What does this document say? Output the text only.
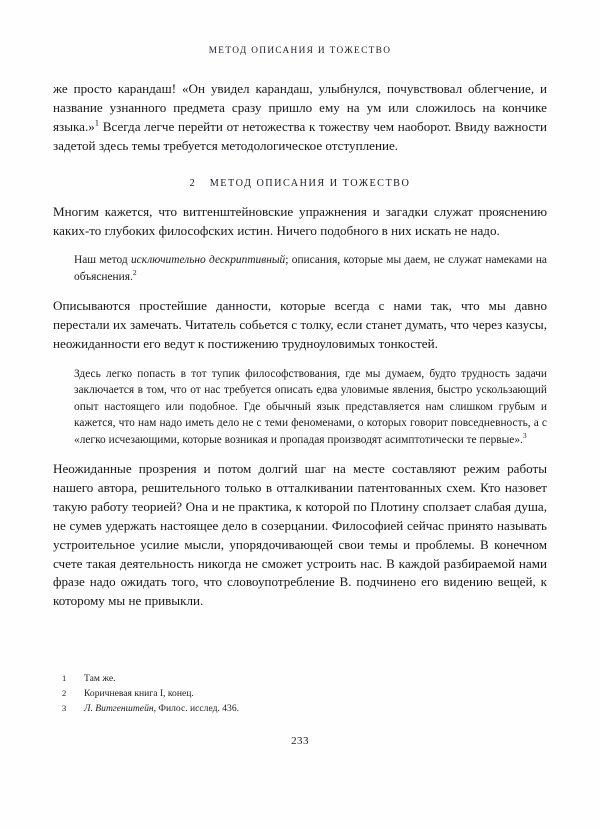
МЕТОД ОПИСАНИЯ И ТОЖЕСТВО

же просто карандаш! «Он увидел карандаш, улыбнулся, почувствовал облегчение, и название узнанного предмета сразу пришло ему на ум или сложилось на кончике языка.»$^1$ Всегда легче перейти от нетожества к тожеству чем наоборот. Ввиду важности задетой здесь темы требуется методологическое отступление.

2 МЕТОД ОПИСАНИЯ И ТОЖЕСТВО

Многим кажется, что витгенштейновские упражнения и загадки служат прояснению каких-то глубоких философских истин. Ничего подобного в них искать не надо.

Наш метод исключительно дескриптивный; описания, которые мы даем, не служат намеками на объяснения.$^2$

Описываются простейшие данности, которые всегда с нами так, что мы давно перестали их замечать. Читатель собьется с толку, если станет думать, что через казусы, неожиданности его ведут к постижению трудноуловимых тонкостей.

Здесь легко попасть в тот тупик философствования, где мы думаем, будто трудность задачи заключается в том, что от нас требуется описать едва уловимые явления, быстро ускользающий опыт настоящего или подобное. Где обычный язык представляется нам слишком грубым и кажется, что нам надо иметь дело не с теми феноменами, о которых говорит повседневность, а с «легко исчезающими, которые возникая и пропадая производят асимптотически те первые».$^3$

Неожиданные прозрения и потом долгий шаг на месте составляют режим работы нашего автора, решительного только в отталкивании патентованных схем. Кто назовет такую работу теорией? Она и не практика, к которой по Плотину сползает слабая душа, не сумев удержать настоящее дело в созерцании. Философией сейчас принято называть устроительное усилие мысли, упорядочивающей свои темы и проблемы. В конечном счете такая деятельность никогда не сможет устроить нас. В каждой разбираемой нами фразе надо ожидать того, что словоупотребление В. подчинено его видению вещей, к которому мы не привыкли.

1	Там же.
2	Коричневая книга I, конец.
3	Л. Витгенштейн, Филос. исслед. 436.
233
